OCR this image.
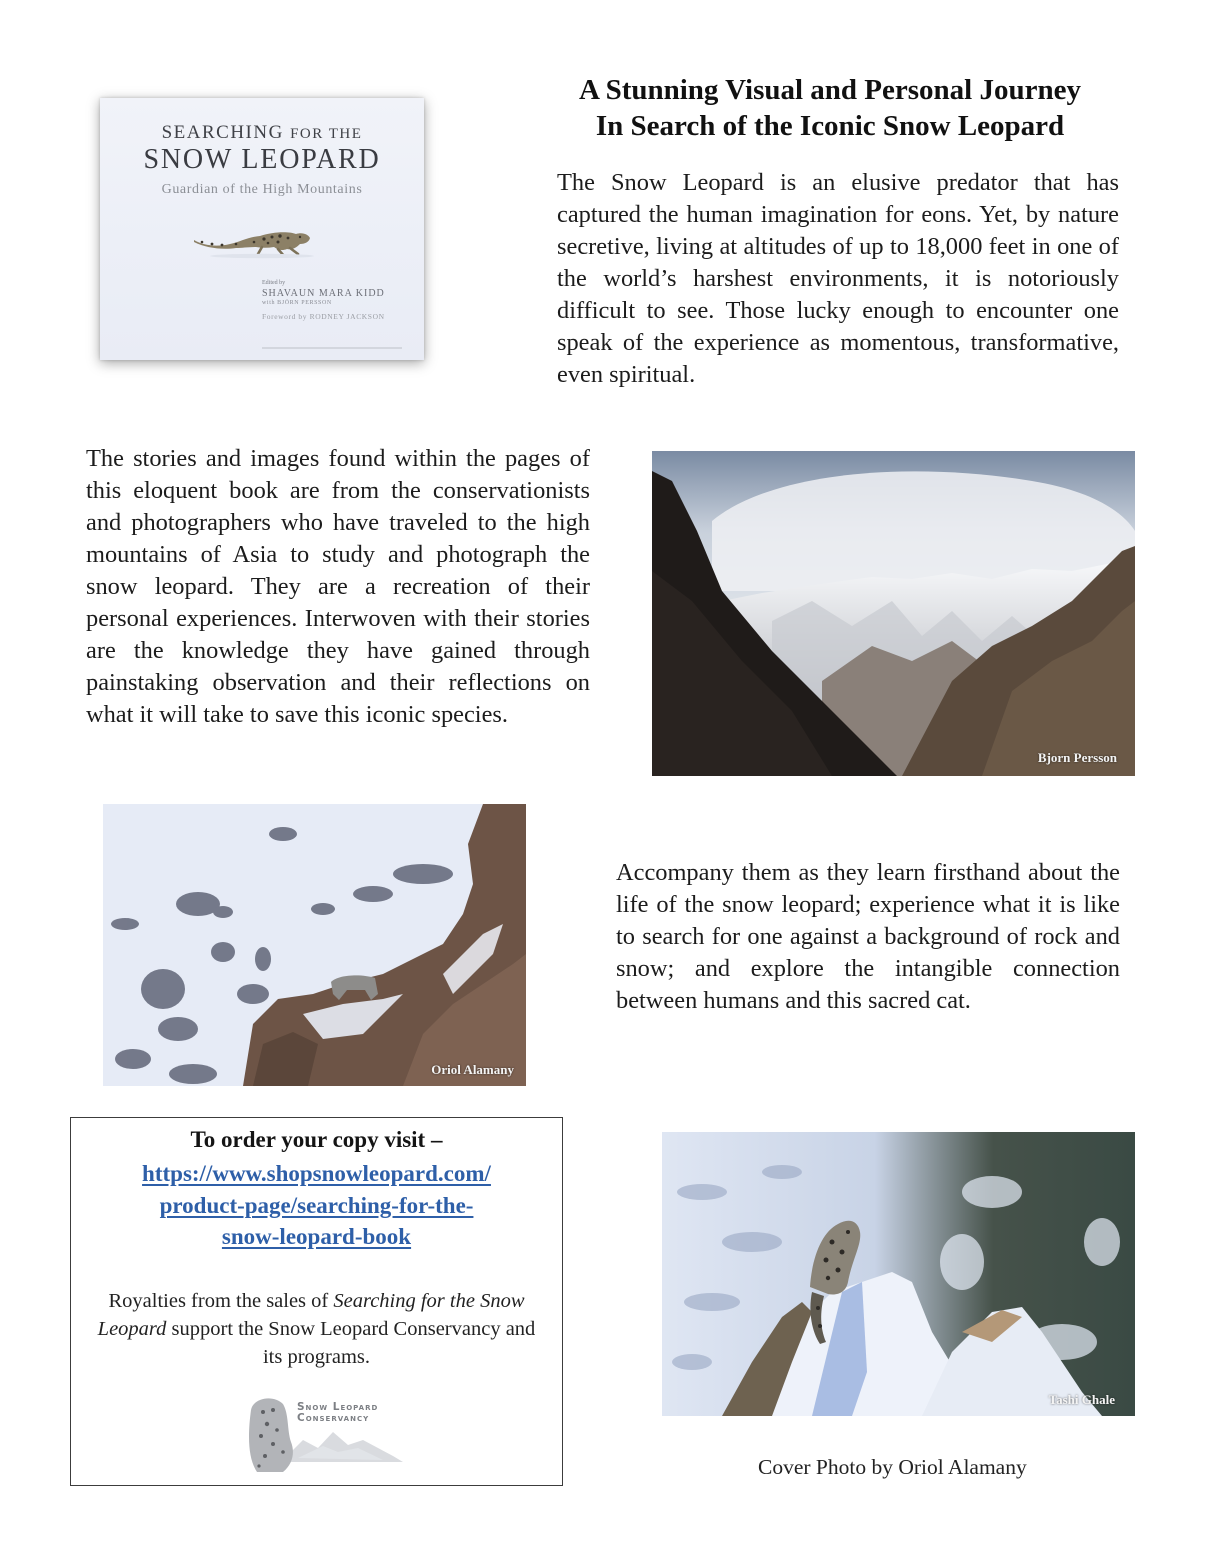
SEARCHING FOR THE
SNOW LEOPARD
Guardian of the High Mountains
Edited by
SHAVAUN MARA KIDD
with BJÖRN PERSSON
Foreword by RODNEY JACKSON
A Stunning Visual and Personal Journey
In Search of the Iconic Snow Leopard

The Snow Leopard is an elusive predator that has captured the human imagination for eons. Yet, by nature secretive, living at altitudes of up to 18,000 feet in one of the world’s harshest environments, it is notoriously difficult to see. Those lucky enough to encounter one speak of the experience as momentous, transformative, even spiritual.

The stories and images found within the pages of this eloquent book are from the conservationists and photographers who have traveled to the high mountains of Asia to study and photograph the snow leopard. They are a recreation of their personal experiences. Interwoven with their stories are the knowledge they have gained through painstaking observation and their reflections on what it will take to save this iconic species.

Accompany them as they learn firsthand about the life of the snow leopard; experience what it is like to search for one against a background of rock and snow; and explore the intangible connection between humans and this sacred cat.

Bjorn Persson
Oriol Alamany
To order your copy visit –
https://www.shopsnowleopard.com/
product-page/searching-for-the-
snow-leopard-book
Royalties from the sales of Searching for the Snow Leopard support the Snow Leopard Conservancy and its programs.
Snow Leopard
Conservancy
Tashi Ghale
Cover Photo by Oriol Alamany
